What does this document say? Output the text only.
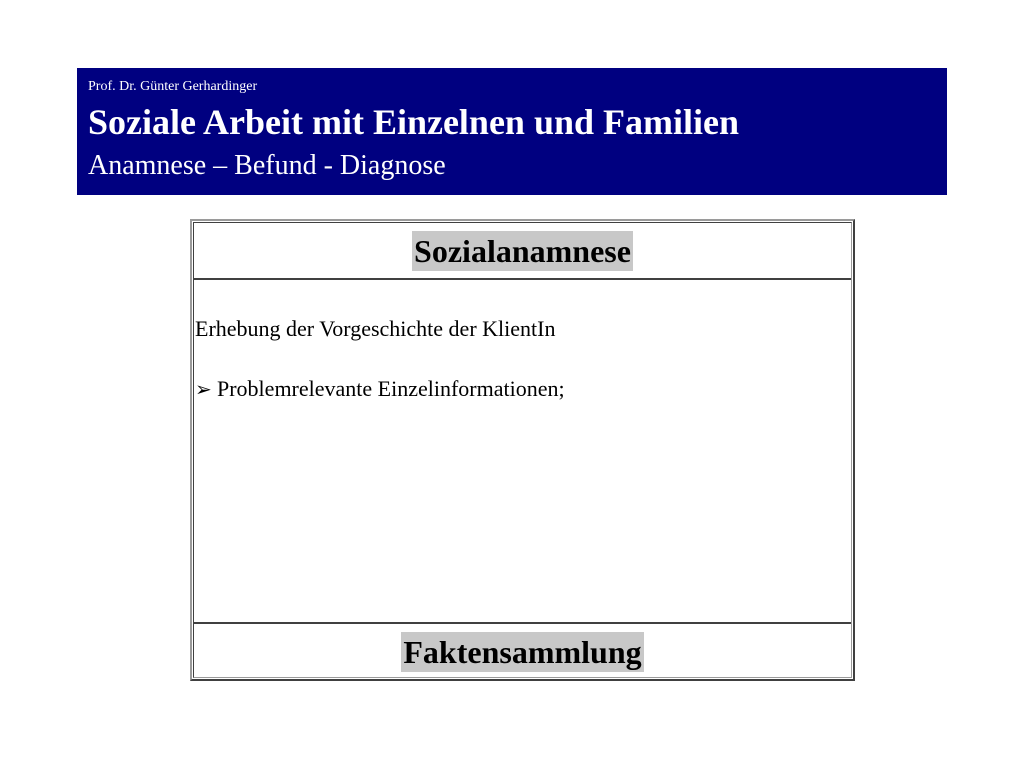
Prof. Dr. Günter Gerhardinger
Soziale Arbeit mit Einzelnen und Familien
Anamnese – Befund - Diagnose
Sozialanamnese
Erhebung der Vorgeschichte der KlientIn
➢ Problemrelevante Einzelinformationen;
Faktensammlung
